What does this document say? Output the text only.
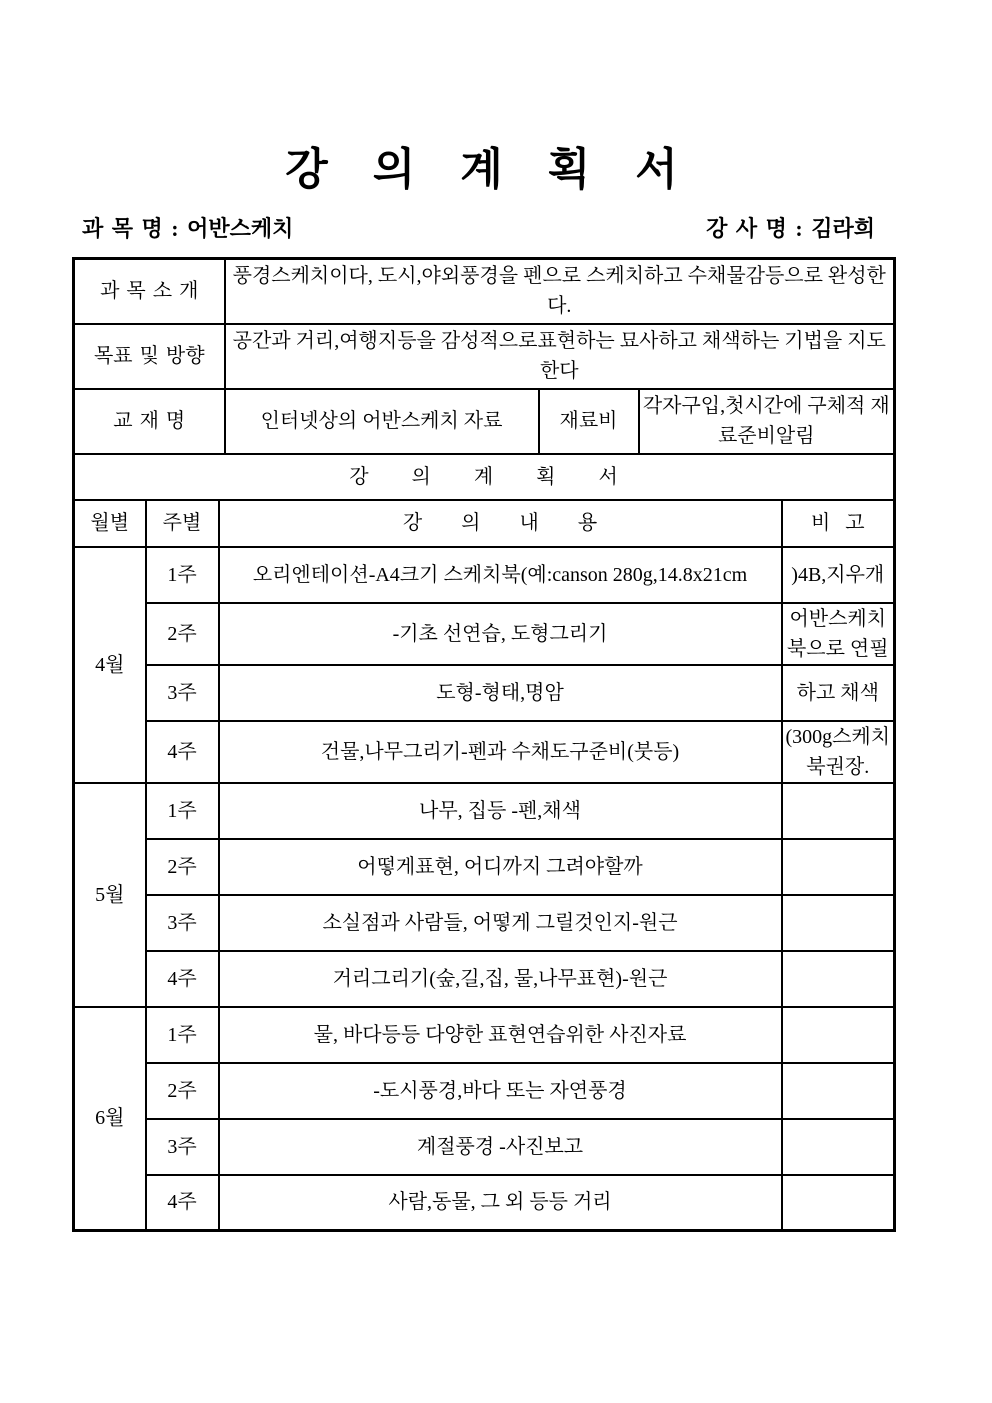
강 의 계 획 서
과 목 명 : 어반스케치	강 사 명 : 김라희
과 목 소 개			풍경스케치이다, 도시,야외풍경을 펜으로 스케치하고 수채물감등으로 완성한다.			
목표 및 방향			공간과 거리,여행지등을 감성적으로표현하는 묘사하고 채색하는 기법을 지도한다			
교 재 명			인터넷상의 어반스케치 자료	재료비	각자구입,첫시간에 구체적 재료준비알림	
강 의 계 획 서						
월별	주별	강 의 내 용				비 고
4월	1주	오리엔테이션-A4크기 스케치북(예:canson 280g,14.8x21cm				)4B,지우개
	2주	-기초 선연습, 도형그리기				어반스케치 북으로 연필
	3주	도형-형태,명암				하고 채색
	4주	건물,나무그리기-펜과 수채도구준비(붓등)				(300g스케치 북권장.
5월	1주	나무, 집등 -펜,채색				
	2주	어떻게표현, 어디까지 그려야할까				
	3주	소실점과 사람들, 어떻게 그릴것인지-원근				
	4주	거리그리기(숲,길,집, 물,나무표현)-원근				
6월	1주	물, 바다등등 다양한 표현연습위한 사진자료				
	2주	-도시풍경,바다 또는 자연풍경				
	3주	계절풍경 -사진보고				
	4주	사람,동물, 그 외 등등 거리				
